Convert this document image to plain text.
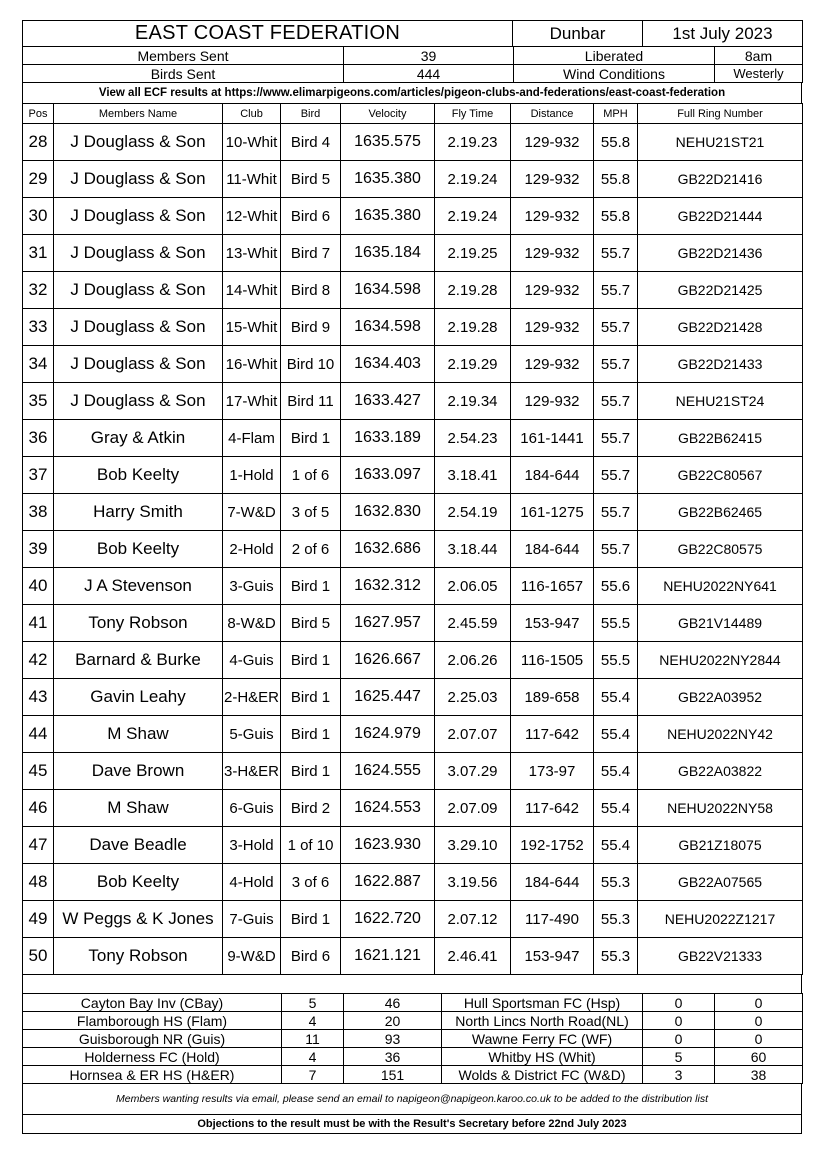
EAST COAST FEDERATION	Dunbar	1st July 2023
Members Sent	39	Liberated	8am
Birds Sent	444	Wind Conditions	Westerly
View all ECF results at https://www.elimarpigeons.com/articles/pigeon-clubs-and-federations/east-coast-federation
Pos	Members Name	Club	Bird	Velocity	Fly Time	Distance	MPH	Full Ring Number
28	J Douglass & Son	10-Whit	Bird 4	1635.575	2.19.23	129-932	55.8	NEHU21ST21
29	J Douglass & Son	11-Whit	Bird 5	1635.380	2.19.24	129-932	55.8	GB22D21416
30	J Douglass & Son	12-Whit	Bird 6	1635.380	2.19.24	129-932	55.8	GB22D21444
31	J Douglass & Son	13-Whit	Bird 7	1635.184	2.19.25	129-932	55.7	GB22D21436
32	J Douglass & Son	14-Whit	Bird 8	1634.598	2.19.28	129-932	55.7	GB22D21425
33	J Douglass & Son	15-Whit	Bird 9	1634.598	2.19.28	129-932	55.7	GB22D21428
34	J Douglass & Son	16-Whit	Bird 10	1634.403	2.19.29	129-932	55.7	GB22D21433
35	J Douglass & Son	17-Whit	Bird 11	1633.427	2.19.34	129-932	55.7	NEHU21ST24
36	Gray & Atkin	4-Flam	Bird 1	1633.189	2.54.23	161-1441	55.7	GB22B62415
37	Bob Keelty	1-Hold	1 of 6	1633.097	3.18.41	184-644	55.7	GB22C80567
38	Harry Smith	7-W&D	3 of 5	1632.830	2.54.19	161-1275	55.7	GB22B62465
39	Bob Keelty	2-Hold	2 of 6	1632.686	3.18.44	184-644	55.7	GB22C80575
40	J A Stevenson	3-Guis	Bird 1	1632.312	2.06.05	116-1657	55.6	NEHU2022NY641
41	Tony Robson	8-W&D	Bird 5	1627.957	2.45.59	153-947	55.5	GB21V14489
42	Barnard & Burke	4-Guis	Bird 1	1626.667	2.06.26	116-1505	55.5	NEHU2022NY2844
43	Gavin Leahy	2-H&ER	Bird 1	1625.447	2.25.03	189-658	55.4	GB22A03952
44	M Shaw	5-Guis	Bird 1	1624.979	2.07.07	117-642	55.4	NEHU2022NY42
45	Dave Brown	3-H&ER	Bird 1	1624.555	3.07.29	173-97	55.4	GB22A03822
46	M Shaw	6-Guis	Bird 2	1624.553	2.07.09	117-642	55.4	NEHU2022NY58
47	Dave Beadle	3-Hold	1 of 10	1623.930	3.29.10	192-1752	55.4	GB21Z18075
48	Bob Keelty	4-Hold	3 of 6	1622.887	3.19.56	184-644	55.3	GB22A07565
49	W Peggs & K Jones	7-Guis	Bird 1	1622.720	2.07.12	117-490	55.3	NEHU2022Z1217
50	Tony Robson	9-W&D	Bird 6	1621.121	2.46.41	153-947	55.3	GB22V21333
Cayton Bay Inv (CBay)	5	46	Hull Sportsman FC (Hsp)	0	0
Flamborough HS (Flam)	4	20	North Lincs North Road(NL)	0	0
Guisborough NR (Guis)	11	93	Wawne Ferry FC (WF)	0	0
Holderness FC (Hold)	4	36	Whitby HS (Whit)	5	60
Hornsea & ER HS (H&ER)	7	151	Wolds & District FC (W&D)	3	38
Members wanting results via email, please send an email to napigeon@napigeon.karoo.co.uk to be added to the distribution list
Objections to the result must be with the Result's Secretary before 22nd July 2023
